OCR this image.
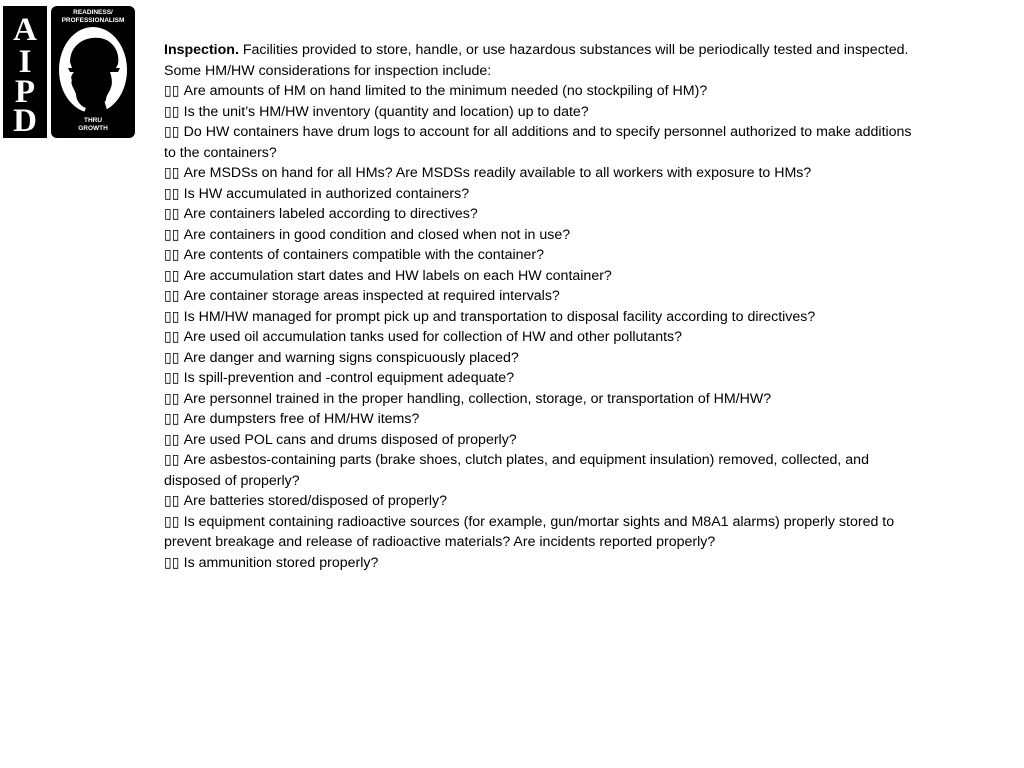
A
I
P
D
READINESS/
PROFESSIONALISM
THRU
GROWTH

Inspection. Facilities provided to store, handle, or use hazardous substances will be periodically tested and inspected. Some HM/HW considerations for inspection include:

▯▯ Are amounts of HM on hand limited to the minimum needed (no stockpiling of HM)?

▯▯ Is the unit’s HM/HW inventory (quantity and location) up to date?

▯▯ Do HW containers have drum logs to account for all additions and to specify personnel authorized to make additions to the containers?

▯▯ Are MSDSs on hand for all HMs? Are MSDSs readily available to all workers with exposure to HMs?

▯▯ Is HW accumulated in authorized containers?

▯▯ Are containers labeled according to directives?

▯▯ Are containers in good condition and closed when not in use?

▯▯ Are contents of containers compatible with the container?

▯▯ Are accumulation start dates and HW labels on each HW container?

▯▯ Are container storage areas inspected at required intervals?

▯▯ Is HM/HW managed for prompt pick up and transportation to disposal facility according to directives?

▯▯ Are used oil accumulation tanks used for collection of HW and other pollutants?

▯▯ Are danger and warning signs conspicuously placed?

▯▯ Is spill-prevention and -control equipment adequate?

▯▯ Are personnel trained in the proper handling, collection, storage, or transportation of HM/HW?

▯▯ Are dumpsters free of HM/HW items?

▯▯ Are used POL cans and drums disposed of properly?

▯▯ Are asbestos-containing parts (brake shoes, clutch plates, and equipment insulation) removed, collected, and disposed of properly?

▯▯ Are batteries stored/disposed of properly?

▯▯ Is equipment containing radioactive sources (for example, gun/mortar sights and M8A1 alarms) properly stored to prevent breakage and release of radioactive materials? Are incidents reported properly?

▯▯ Is ammunition stored properly?
